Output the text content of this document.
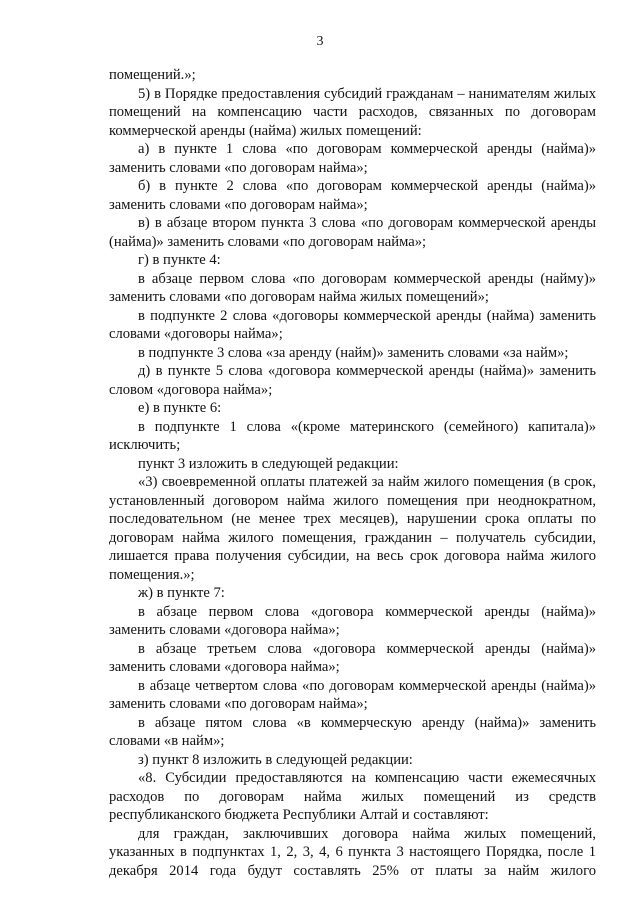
3

помещений.»;

5) в Порядке предоставления субсидий гражданам – нанимателям жилых помещений на компенсацию части расходов, связанных по договорам коммерческой аренды (найма) жилых помещений:

а) в пункте 1 слова «по договорам коммерческой аренды (найма)» заменить словами «по договорам найма»;

б) в пункте 2 слова «по договорам коммерческой аренды (найма)» заменить словами «по договорам найма»;

в) в абзаце втором пункта 3 слова «по договорам коммерческой аренды (найма)» заменить словами «по договорам найма»;

г) в пункте 4:

в абзаце первом слова «по договорам коммерческой аренды (найму)» заменить словами «по договорам найма жилых помещений»;

в подпункте 2 слова «договоры коммерческой аренды (найма) заменить словами «договоры найма»;

в подпункте 3 слова «за аренду (найм)» заменить словами «за найм»;

д) в пункте 5 слова «договора коммерческой аренды (найма)» заменить словом «договора найма»;

е) в пункте 6:

в подпункте 1 слова «(кроме материнского (семейного) капитала)» исключить;

пункт 3 изложить в следующей редакции:

«3) своевременной оплаты платежей за найм жилого помещения (в срок, установленный договором найма жилого помещения при неоднократном, последовательном (не менее трех месяцев), нарушении срока оплаты по договорам найма жилого помещения, гражданин – получатель субсидии, лишается права получения субсидии, на весь срок договора найма жилого помещения.»;

ж) в пункте 7:

в абзаце первом слова «договора коммерческой аренды (найма)» заменить словами «договора найма»;

в абзаце третьем слова «договора коммерческой аренды (найма)» заменить словами «договора найма»;

в абзаце четвертом слова «по договорам коммерческой аренды (найма)» заменить словами «по договорам найма»;

в абзаце пятом слова «в коммерческую аренду (найма)» заменить словами «в найм»;

з) пункт 8 изложить в следующей редакции:

«8. Субсидии предоставляются на компенсацию части ежемесячных расходов по договорам найма жилых помещений из средств республиканского бюджета Республики Алтай и составляют:

для граждан, заключивших договора найма жилых помещений, указанных в подпунктах 1, 2, 3, 4, 6 пункта 3 настоящего Порядка, после 1 декабря 2014 года будут составлять 25% от платы за найм жилого
